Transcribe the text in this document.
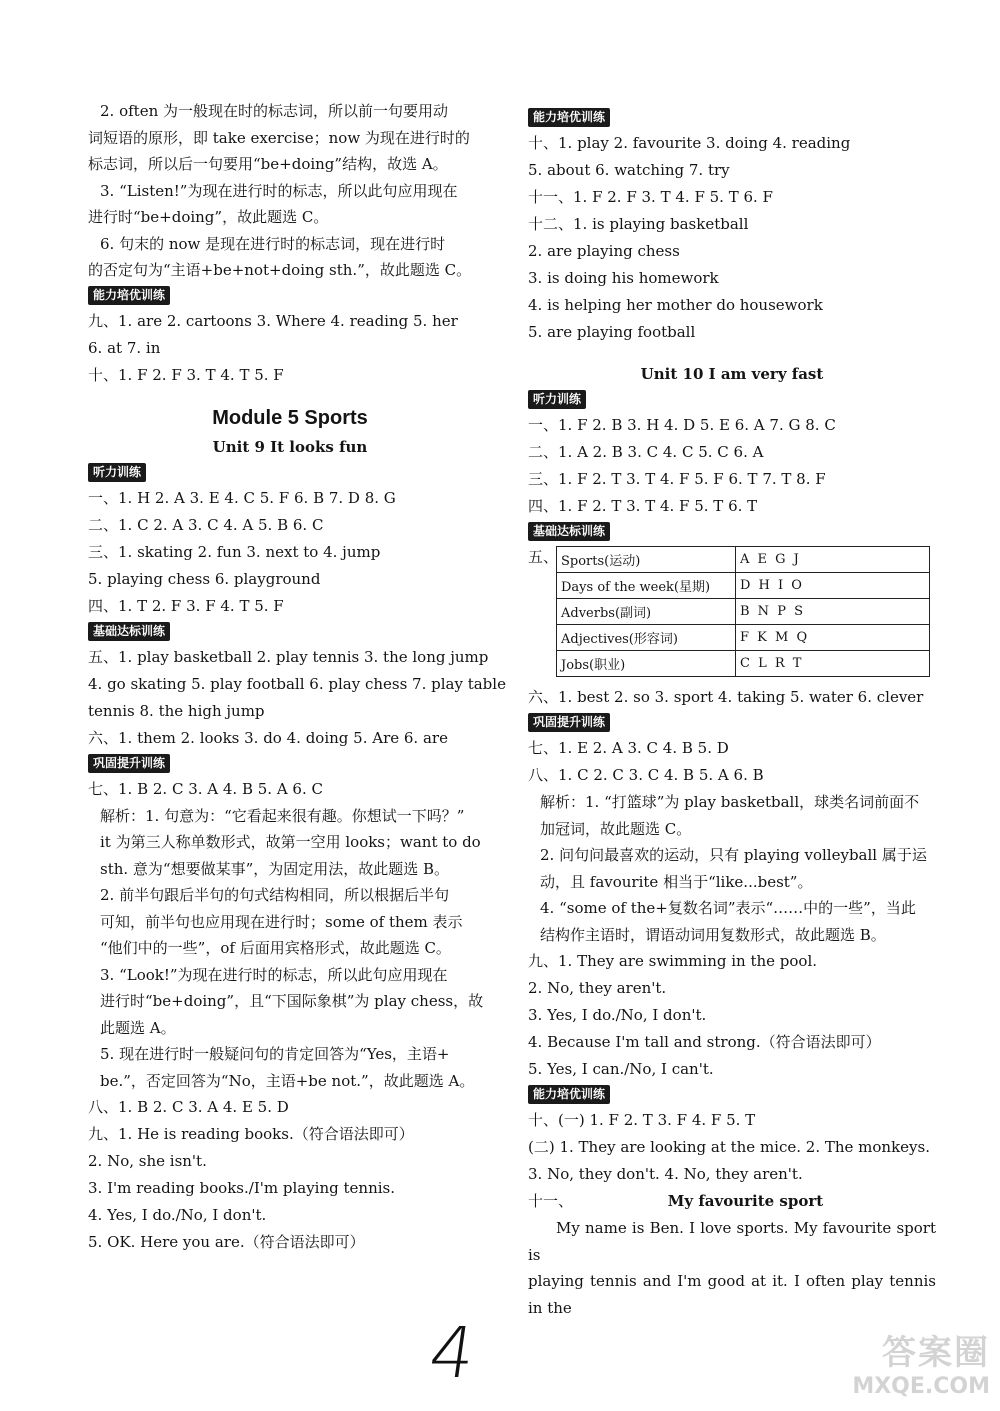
2. often 为一般现在时的标志词，所以前一句要用动
词短语的原形，即 take exercise；now 为现在进行时的
标志词，所以后一句要用“be+doing”结构，故选 A。
3. “Listen!”为现在进行时的标志，所以此句应用现在
进行时“be+doing”，故此题选 C。
6. 句末的 now 是现在进行时的标志词，现在进行时
的否定句为“主语+be+not+doing sth.”，故此题选 C。
能力培优训练
九、1. are 2. cartoons 3. Where 4. reading 5. her
6. at 7. in
十、1. F 2. F 3. T 4. T 5. F
Module 5 Sports
Unit 9 It looks fun
听力训练
一、1. H 2. A 3. E 4. C 5. F 6. B 7. D 8. G
二、1. C 2. A 3. C 4. A 5. B 6. C
三、1. skating 2. fun 3. next to 4. jump
5. playing chess 6. playground
四、1. T 2. F 3. F 4. T 5. F
基础达标训练
五、1. play basketball 2. play tennis 3. the long jump
4. go skating 5. play football 6. play chess 7. play table
tennis 8. the high jump
六、1. them 2. looks 3. do 4. doing 5. Are 6. are
巩固提升训练
七、1. B 2. C 3. A 4. B 5. A 6. C
解析：1. 句意为：“它看起来很有趣。你想试一下吗？”
it 为第三人称单数形式，故第一空用 looks；want to do
sth. 意为“想要做某事”，为固定用法，故此题选 B。
2. 前半句跟后半句的句式结构相同，所以根据后半句
可知，前半句也应用现在进行时；some of them 表示
“他们中的一些”，of 后面用宾格形式，故此题选 C。
3. “Look!”为现在进行时的标志，所以此句应用现在
进行时“be+doing”，且“下国际象棋”为 play chess，故
此题选 A。
5. 现在进行时一般疑问句的肯定回答为“Yes，主语+
be.”，否定回答为“No，主语+be not.”，故此题选 A。
八、1. B 2. C 3. A 4. E 5. D
九、1. He is reading books.（符合语法即可）
2. No, she isn't.
3. I'm reading books./I'm playing tennis.
4. Yes, I do./No, I don't.
5. OK. Here you are.（符合语法即可）
能力培优训练
十、1. play 2. favourite 3. doing 4. reading
5. about 6. watching 7. try
十一、1. F 2. F 3. T 4. F 5. T 6. F
十二、1. is playing basketball
2. are playing chess
3. is doing his homework
4. is helping her mother do housework
5. are playing football
Unit 10 I am very fast
听力训练
一、1. F 2. B 3. H 4. D 5. E 6. A 7. G 8. C
二、1. A 2. B 3. C 4. C 5. C 6. A
三、1. F 2. T 3. T 4. F 5. F 6. T 7. T 8. F
四、1. F 2. T 3. T 4. F 5. T 6. T
基础达标训练
五、 Sports(运动)	A E G J
Days of the week(星期)	D H I O
Adverbs(副词)	B N P S
Adjectives(形容词)	F K M Q
Jobs(职业)	C L R T
六、1. best 2. so 3. sport 4. taking 5. water 6. clever
巩固提升训练
七、1. E 2. A 3. C 4. B 5. D
八、1. C 2. C 3. C 4. B 5. A 6. B
解析：1. “打篮球”为 play basketball，球类名词前面不
加冠词，故此题选 C。
2. 问句问最喜欢的运动，只有 playing volleyball 属于运
动，且 favourite 相当于“like...best”。
4. “some of the+复数名词”表示“……中的一些”，当此
结构作主语时，谓语动词用复数形式，故此题选 B。
九、1. They are swimming in the pool.
2. No, they aren't.
3. Yes, I do./No, I don't.
4. Because I'm tall and strong.（符合语法即可）
5. Yes, I can./No, I can't.
能力培优训练
十、(一) 1. F 2. T 3. F 4. F 5. T
(二) 1. They are looking at the mice. 2. The monkeys.
3. No, they don't. 4. No, they aren't.
十一、	My favourite sport
My name is Ben. I love sports. My favourite sport is
playing tennis and I'm good at it. I often play tennis in the
4	答案圈
MXQE.COM
